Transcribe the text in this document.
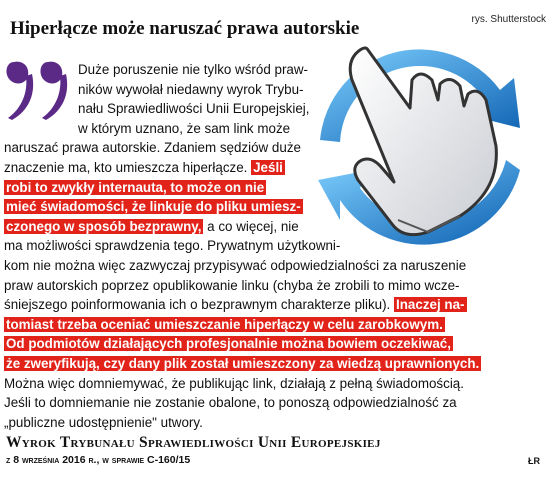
Hiperłącze może naruszać prawa autorskie	rys. Shutterstock
Duże poruszenie nie tylko wśród praw-
ników wywołał niedawny wyrok Trybu-
nału Sprawiedliwości Unii Europejskiej,
w którym uznano, że sam link może
naruszać prawa autorskie. Zdaniem sędziów duże
znaczenie ma, kto umieszcza hiperłącze. Jeśli
robi to zwykły internauta, to może on nie
mieć świadomości, że linkuje do pliku umiesz-
czonego w sposób bezprawny, a co więcej, nie
ma możliwości sprawdzenia tego. Prywatnym użytkowni-
kom nie można więc zazwyczaj przypisywać odpowiedzialności za naruszenie
praw autorskich poprzez opublikowanie linku (chyba że zrobili to mimo wcze-
śniejszego poinformowania ich o bezprawnym charakterze pliku). Inaczej na-
tomiast trzeba oceniać umieszczanie hiperłączy w celu zarobkowym.
Od podmiotów działających profesjonalnie można bowiem oczekiwać,
że zweryfikują, czy dany plik został umieszczony za wiedzą uprawnionych.
Można więc domniemywać, że publikując link, działają z pełną świadomością.
Jeśli to domniemanie nie zostanie obalone, to ponoszą odpowiedzialność za
„publiczne udostępnienie" utwory.
Wyrok Trybunału Sprawiedliwości Unii Europejskiej
z 8 września 2016 r., w sprawie C-160/15	ŁR
